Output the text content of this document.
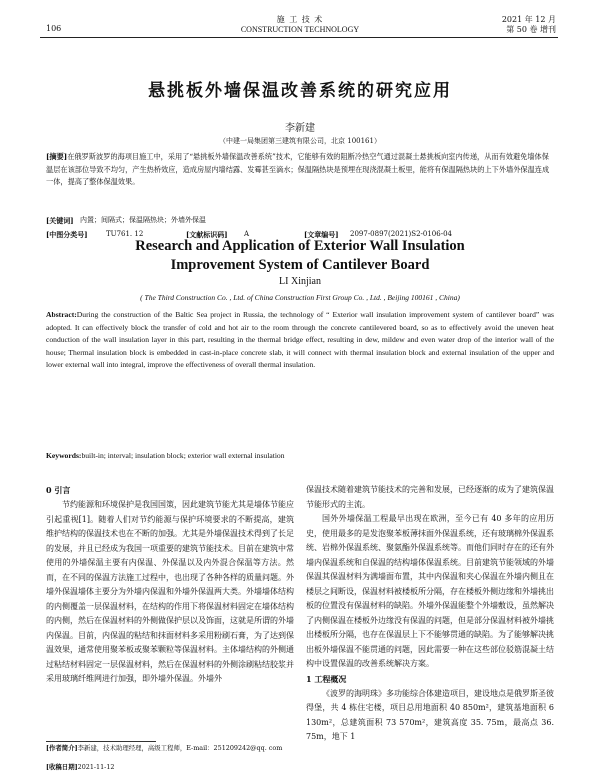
106
施 工 技 术
CONSTRUCTION TECHNOLOGY
2021 年 12 月
第 50 卷 增刊
悬挑板外墙保温改善系统的研究应用
李新建
（中建一局集团第三建筑有限公司，北京 100161）
[摘要]在俄罗斯波罗的海项目施工中，采用了“悬挑板外墙保温改善系统”技术，它能够有效的阻断冷热空气通过混凝土悬挑板向室内传递，从而有效避免墙体保温层在该部位导致不均匀，产生热桥效应，造成房屋内墙结露、发霉甚至滴水；保温隔热块是预埋在现浇混凝土板里，能将有保温隔热块的上下外墙外保温连成一体，提高了整体保温效果。
[关键词] 内置；间隔式；保温隔热块；外墙外保温
[中图分类号]	TU761. 12	[文献标识码] A	[文章编号] 2097-0897(2021)S2-0106-04
Research and Application of Exterior Wall Insulation
Improvement System of Cantilever Board
LI Xinjian
( The Third Construction Co. , Ltd. of China Construction First Group Co. , Ltd. , Beijing 100161 , China)
Abstract:During the construction of the Baltic Sea project in Russia, the technology of “ Exterior wall insulation improvement system of cantilever board” was adopted. It can effectively block the transfer of cold and hot air to the room through the concrete cantilevered board, so as to effectively avoid the uneven heat conduction of the wall insulation layer in this part, resulting in the thermal bridge effect, resulting in dew, mildew and even water drop of the interior wall of the house; Thermal insulation block is embedded in cast-in-place concrete slab, it will connect with thermal insulation block and external insulation of the upper and lower external wall into integral, improve the effectiveness of overall thermal insulation.
Keywords:built-in; interval; insulation block; exterior wall external insulation
0 引言
节约能源和环境保护是我国国策，因此建筑节能尤其是墙体节能应引起重视[1]。随着人们对节约能源与保护环境要求的不断提高，建筑维护结构的保温技术也在不断的加强。尤其是外墙保温技术得到了长足的发展，并且已经成为我国一项重要的建筑节能技术。目前在建筑中常使用的外墙保温主要有内保温、外保温以及内外混合保温等方法。然而，在不同的保温方法施工过程中，也出现了各种各样的质量问题。外墙外保温墙体主要分为外墙内保温和外墙外保温两大类。外墙墙体结构的内侧覆盖一层保温材料，在结构的作用下将保温材料固定在墙体结构的内侧，然后在保温材料的外侧做保护层以及饰面，这就是所谓的外墙内保温。目前，内保温的粘结和抹面材料多采用粉刷石膏，为了达到保温效果，通常使用聚苯板或聚苯颗粒等保温材料。主体墙结构的外侧通过粘结材料固定一层保温材料，然后在保温材料的外侧涂刷粘结胶浆并采用玻璃纤维网进行加强，即外墙外保温。外墙外
保温技术随着建筑节能技术的完善和发展，已经逐渐的成为了建筑保温节能形式的主流。
国外外墙保温工程最早出现在欧洲，至今已有 40 多年的应用历史，使用最多的是发泡聚苯板薄抹面外保温系统，还有玻璃棉外保温系统、岩棉外保温系统、聚氨酯外保温系统等。而他们同时存在的还有外墙内保温系统和自保温的结构墙体保温系统。目前建筑节能领域的外墙保温其保温材料为满墙面布置，其中内保温和夹心保温在外墙内侧且在楼层之间断设，保温材料被楼板所分隔，存在楼板外侧边缘和外墙挑出板的位置没有保温材料的缺陷。外墙外保温能整个外墙敷设，虽然解决了内侧保温在楼板外边缘没有保温的问题，但是部分保温材料被外墙挑出楼板所分隔，也存在保温层上下不能够贯通的缺陷。为了能够解决挑出板外墙保温不能贯通的问题，因此需要一种在这些部位驳筋混凝土结构中设置保温的改善系统解决方案。
1 工程概况
《波罗的海明珠》多功能综合体建造项目，建设地点是俄罗斯圣彼得堡，共 4 栋住宅楼，项目总用地面积 40 850m²，建筑基地面积 6 130m²，总建筑面积 73 570m²，建筑高度 35. 75m，最高点 36. 75m，地下 1
[作者简介]李新建，技术助理经理，高级工程师，E-mail：251209242@qq. com
[收稿日期]2021-11-12
